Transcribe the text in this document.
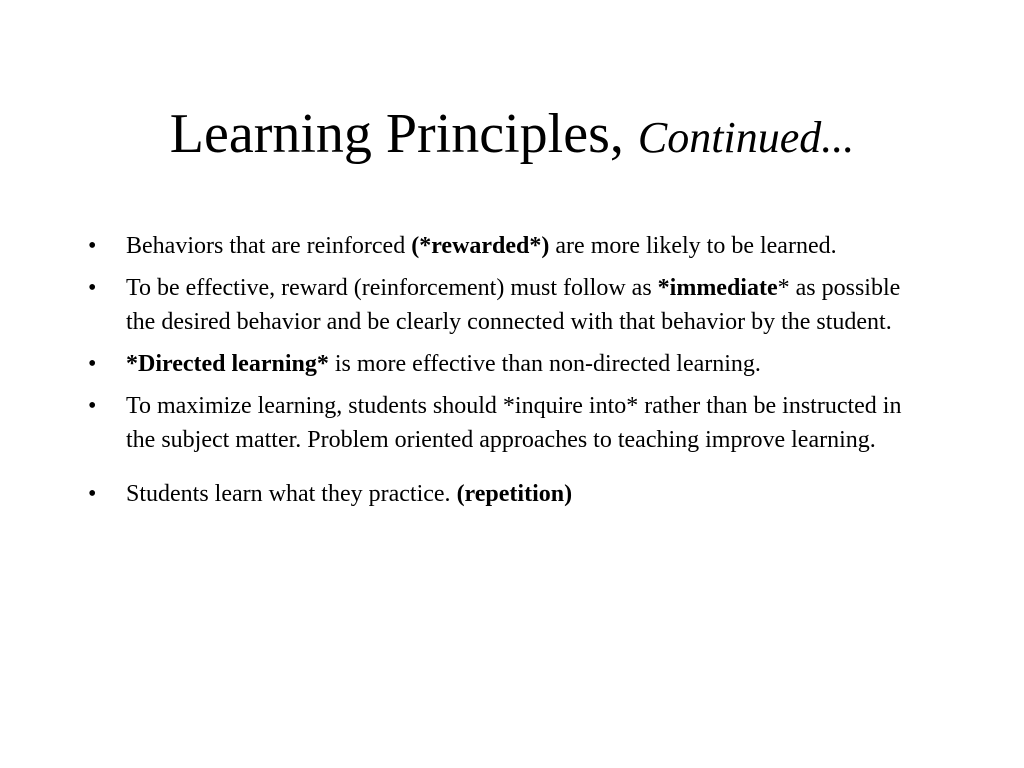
Learning Principles, Continued...
• Behaviors that are reinforced (*rewarded*) are more likely to be learned.
• To be effective, reward (reinforcement) must follow as *immediate* as possible the desired behavior and be clearly connected with that behavior by the student.
• *Directed learning* is more effective than non-directed learning.
• To maximize learning, students should *inquire into* rather than be instructed in the subject matter. Problem oriented approaches to teaching improve learning.
• Students learn what they practice. (repetition)
